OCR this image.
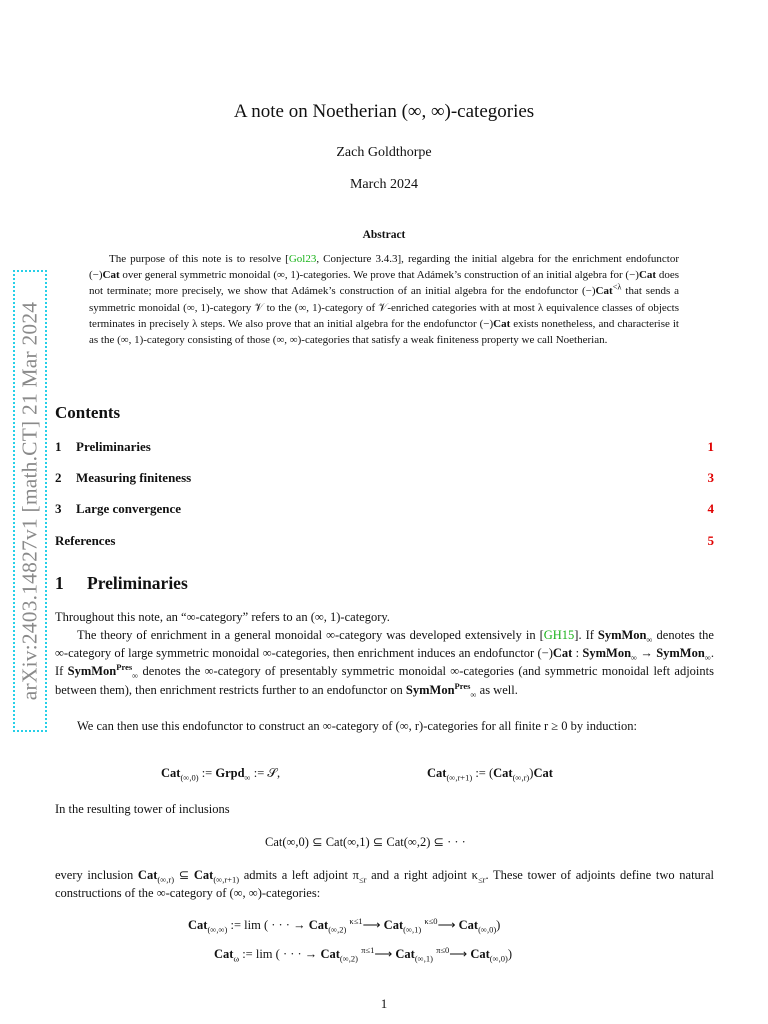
arXiv:2403.14827v1 [math.CT] 21 Mar 2024
A note on Noetherian (∞, ∞)-categories
Zach Goldthorpe
March 2024
Abstract
The purpose of this note is to resolve [Gol23, Conjecture 3.4.3], regarding the initial algebra for the enrichment endofunctor (−)Cat over general symmetric monoidal (∞, 1)-categories. We prove that Adámek’s construction of an initial algebra for (−)Cat does not terminate; more precisely, we show that Adámek’s construction of an initial algebra for the endofunctor (−)Cat$^{<\lambda}$ that sends a symmetric monoidal (∞, 1)-category 𝒱 to the (∞, 1)-category of 𝒱-enriched categories with at most λ equivalence classes of objects terminates in precisely λ steps. We also prove that an initial algebra for the endofunctor (−)Cat exists nonetheless, and characterise it as the (∞, 1)-category consisting of those (∞, ∞)-categories that satisfy a weak finiteness property we call Noetherian.
Contents
1 Preliminaries	1
2 Measuring finiteness	3
3 Large convergence	4
References	5
1 Preliminaries
Throughout this note, an “∞-category” refers to an (∞, 1)-category.
The theory of enrichment in a general monoidal ∞-category was developed extensively in [GH15]. If SymMon$_\infty$ denotes the ∞-category of large symmetric monoidal ∞-categories, then enrichment induces an endofunctor (−)Cat : SymMon$_\infty$ → SymMon$_\infty$. If SymMon$^{Pres}_\infty$ denotes the ∞-category of presentably symmetric monoidal ∞-categories (and symmetric monoidal left adjoints between them), then enrichment restricts further to an endofunctor on SymMon$^{Pres}_\infty$ as well.
We can then use this endofunctor to construct an ∞-category of (∞, r)-categories for all finite r ≥ 0 by induction:
Cat$_{(\infty,0)}$ := Grpd$_\infty$ := 𝒮,	Cat$_{(\infty,r+1)}$ := (Cat$_{(\infty,r)}$)Cat
In the resulting tower of inclusions
Cat(∞,0) ⊆ Cat(∞,1) ⊆ Cat(∞,2) ⊆ · · ·
every inclusion Cat$_{(\infty,r)}$ ⊆ Cat$_{(\infty,r+1)}$ admits a left adjoint $\pi_{\le r}$ and a right adjoint $\kappa_{\le r}$. These tower of adjoints define two natural constructions of the ∞-category of (∞, ∞)-categories:
Cat$_{(\infty,\infty)}$ := lim ( · · · → Cat$_{(\infty,2)}$ $^{\kappa\le 1}$⟶ Cat$_{(\infty,1)}$ $^{\kappa\le 0}$⟶ Cat$_{(\infty,0)}$)
Cat$_\omega$ := lim ( · · · → Cat$_{(\infty,2)}$ $^{\pi\le 1}$⟶ Cat$_{(\infty,1)}$ $^{\pi\le 0}$⟶ Cat$_{(\infty,0)}$)
1
